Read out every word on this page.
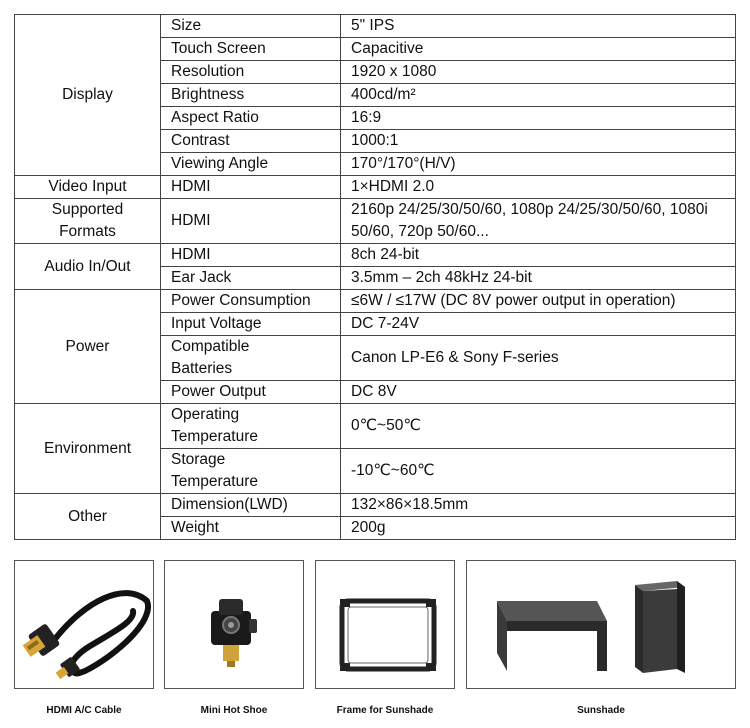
Display	Size	5" IPS
	Touch Screen	Capacitive
	Resolution	1920 x 1080
	Brightness	400cd/m²
	Aspect Ratio	16:9
	Contrast	1000:1
	Viewing Angle	170°/170°(H/V)
Video Input	HDMI	1×HDMI 2.0
Supported Formats	HDMI	2160p 24/25/30/50/60, 1080p 24/25/30/50/60, 1080i 50/60, 720p 50/60...
Audio In/Out	HDMI	8ch 24-bit
	Ear Jack	3.5mm – 2ch 48kHz 24-bit
Power	Power Consumption	≤6W / ≤17W (DC 8V power output in operation)
	Input Voltage	DC 7-24V
	Compatible Batteries	Canon LP-E6 & Sony F-series
	Power Output	DC 8V
Environment	Operating Temperature	0℃~50℃
	Storage Temperature	-10℃~60℃
Other	Dimension(LWD)	132×86×18.5mm
	Weight	200g
HDMI A/C Cable	Mini Hot Shoe	Frame for Sunshade	Sunshade
